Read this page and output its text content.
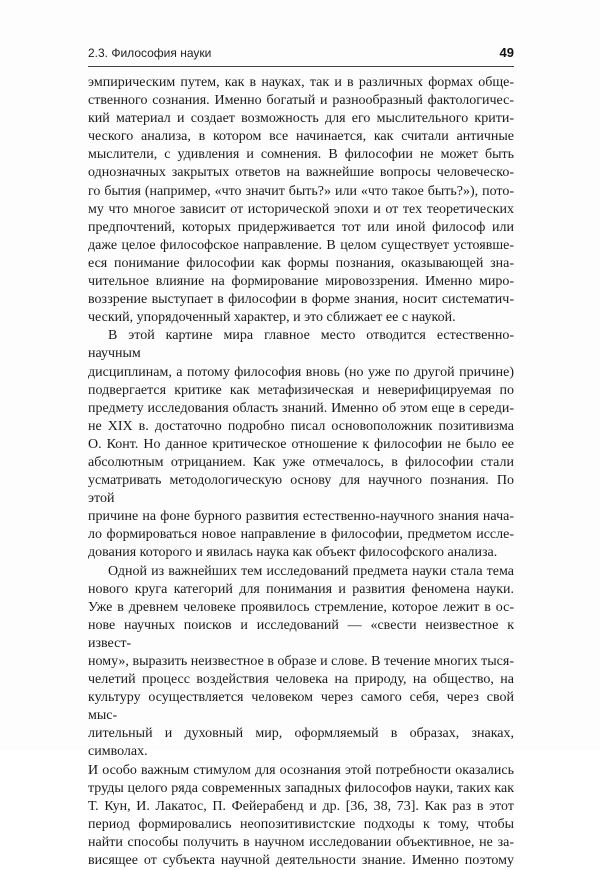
2.3. Философия науки	49

эмпирическим путем, как в науках, так и в различных формах обще-

ственного сознания. Именно богатый и разнообразный фактологичес-

кий материал и создает возможность для его мыслительного крити-

ческого анализа, в котором все начинается, как считали античные

мыслители, с удивления и сомнения. В философии не может быть

однозначных закрытых ответов на важнейшие вопросы человеческо-

го бытия (например, «что значит быть?» или «что такое быть?»), пото-

му что многое зависит от исторической эпохи и от тех теоретических

предпочтений, которых придерживается тот или иной философ или

даже целое философское направление. В целом существует устоявше-

еся понимание философии как формы познания, оказывающей зна-

чительное влияние на формирование мировоззрения. Именно миро-

воззрение выступает в философии в форме знания, носит систематич-

ческий, упорядоченный характер, и это сближает ее с наукой.

В этой картине мира главное место отводится естественно-научным

дисциплинам, а потому философия вновь (но уже по другой причине)

подвергается критике как метафизическая и неверифицируемая по

предмету исследования область знаний. Именно об этом еще в середи-

не XIX в. достаточно подробно писал основоположник позитивизма

О. Конт. Но данное критическое отношение к философии не было ее

абсолютным отрицанием. Как уже отмечалось, в философии стали

усматривать методологическую основу для научного познания. По этой

причине на фоне бурного развития естественно-научного знания нача-

ло формироваться новое направление в философии, предметом иссле-

дования которого и явилась наука как объект философского анализа.

Одной из важнейших тем исследований предмета науки стала тема

нового круга категорий для понимания и развития феномена науки.

Уже в древнем человеке проявилось стремление, которое лежит в ос-

нове научных поисков и исследований — «свести неизвестное к извест-

ному», выразить неизвестное в образе и слове. В течение многих тыся-

челетий процесс воздействия человека на природу, на общество, на

культуру осуществляется человеком через самого себя, через свой мыс-

лительный и духовный мир, оформляемый в образах, знаках, символах.

И особо важным стимулом для осознания этой потребности оказались

труды целого ряда современных западных философов науки, таких как

Т. Кун, И. Лакатос, П. Фейерабенд и др. [36, 38, 73]. Как раз в этот

период формировались неопозитивистские подходы к тому, чтобы

найти способы получить в научном исследовании объективное, не за-

висящее от субъекта научной деятельности знание. Именно поэтому
